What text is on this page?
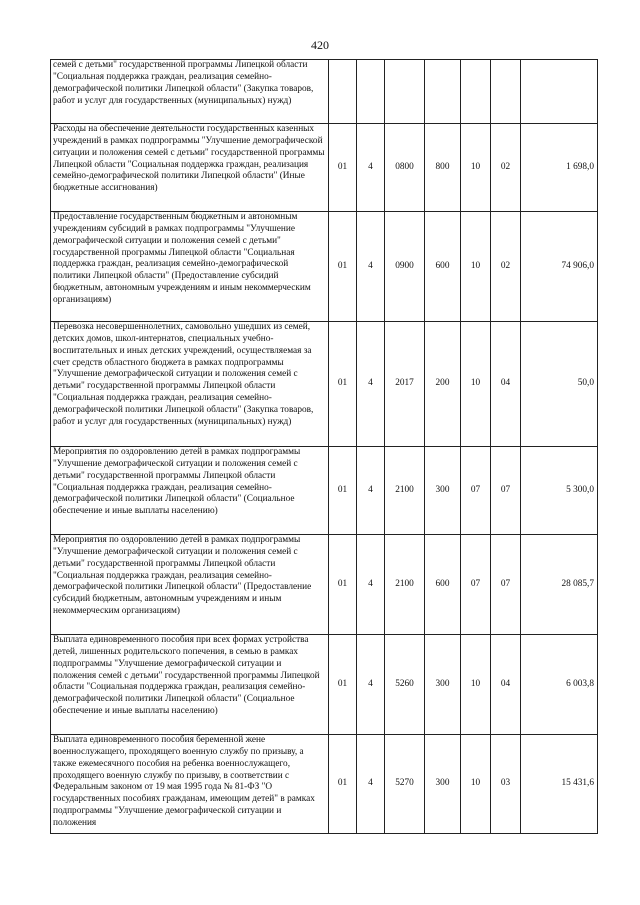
420
семей с детьми" государственной программы Липецкой области "Социальная поддержка граждан, реализация семейно-демографической политики Липецкой области" (Закупка товаров, работ и услуг для государственных (муниципальных) нужд)							
Расходы на обеспечение деятельности государственных казенных учреждений в рамках подпрограммы "Улучшение демографической ситуации и положения семей с детьми" государственной программы Липецкой области "Социальная поддержка граждан, реализация семейно-демографической политики Липецкой области" (Иные бюджетные ассигнования)	01	4	0800	800	10	02	1 698,0
Предоставление государственным бюджетным и автономным учреждениям субсидий в рамках подпрограммы "Улучшение демографической ситуации и положения семей с детьми" государственной программы Липецкой области "Социальная поддержка граждан, реализация семейно-демографической политики Липецкой области" (Предоставление субсидий бюджетным, автономным учреждениям и иным некоммерческим организациям)	01	4	0900	600	10	02	74 906,0
Перевозка несовершеннолетних, самовольно ушедших из семей, детских домов, школ-интернатов, специальных учебно-воспитательных и иных детских учреждений, осуществляемая за счет средств областного бюджета в рамках подпрограммы "Улучшение демографической ситуации и положения семей с детьми" государственной программы Липецкой области "Социальная поддержка граждан, реализация семейно-демографической политики Липецкой области" (Закупка товаров, работ и услуг для государственных (муниципальных) нужд)	01	4	2017	200	10	04	50,0
Мероприятия по оздоровлению детей в рамках подпрограммы "Улучшение демографической ситуации и положения семей с детьми" государственной программы Липецкой области "Социальная поддержка граждан, реализация семейно-демографической политики Липецкой области" (Социальное обеспечение и иные выплаты населению)	01	4	2100	300	07	07	5 300,0
Мероприятия по оздоровлению детей в рамках подпрограммы "Улучшение демографической ситуации и положения семей с детьми" государственной программы Липецкой области "Социальная поддержка граждан, реализация семейно-демографической политики Липецкой области" (Предоставление субсидий бюджетным, автономным учреждениям и иным некоммерческим организациям)	01	4	2100	600	07	07	28 085,7
Выплата единовременного пособия при всех формах устройства детей, лишенных родительского попечения, в семью в рамках подпрограммы "Улучшение демографической ситуации и положения семей с детьми" государственной программы Липецкой области "Социальная поддержка граждан, реализация семейно-демографической политики Липецкой области" (Социальное обеспечение и иные выплаты населению)	01	4	5260	300	10	04	6 003,8
Выплата единовременного пособия беременной жене военнослужащего, проходящего военную службу по призыву, а также ежемесячного пособия на ребенка военнослужащего, проходящего военную службу по призыву, в соответствии с Федеральным законом от 19 мая 1995 года № 81-ФЗ "О государственных пособиях гражданам, имеющим детей" в рамках подпрограммы "Улучшение демографической ситуации и положения	01	4	5270	300	10	03	15 431,6
